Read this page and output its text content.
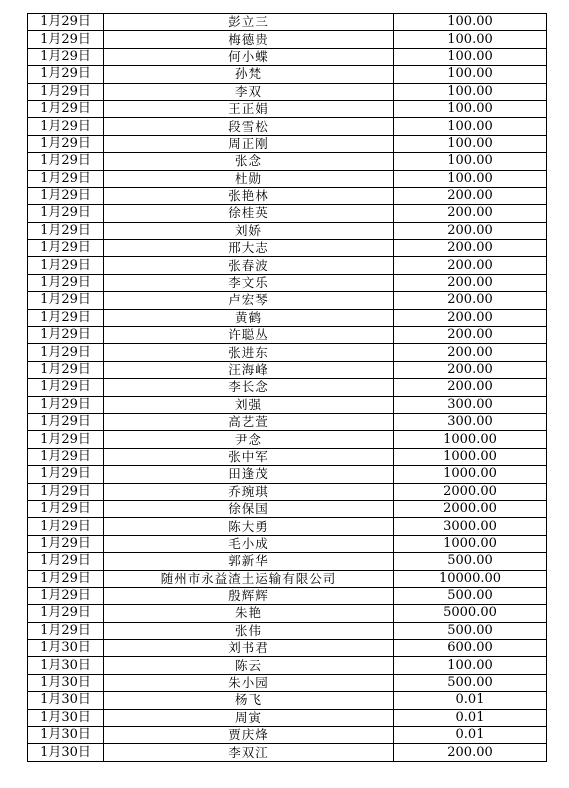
1月29日	彭立三	100.00
1月29日	梅德贵	100.00
1月29日	何小蝶	100.00
1月29日	孙梵	100.00
1月29日	李双	100.00
1月29日	王正娟	100.00
1月29日	段雪松	100.00
1月29日	周正刚	100.00
1月29日	张念	100.00
1月29日	杜勋	100.00
1月29日	张艳林	200.00
1月29日	徐桂英	200.00
1月29日	刘娇	200.00
1月29日	邢大志	200.00
1月29日	张春波	200.00
1月29日	李文乐	200.00
1月29日	卢宏琴	200.00
1月29日	黄鹤	200.00
1月29日	许聪丛	200.00
1月29日	张进东	200.00
1月29日	汪海峰	200.00
1月29日	李长念	200.00
1月29日	刘强	300.00
1月29日	高艺萱	300.00
1月29日	尹念	1000.00
1月29日	张中军	1000.00
1月29日	田逢茂	1000.00
1月29日	乔琬琪	2000.00
1月29日	徐保国	2000.00
1月29日	陈大勇	3000.00
1月29日	毛小成	1000.00
1月29日	郭新华	500.00
1月29日	随州市永益渣土运输有限公司	10000.00
1月29日	殷辉辉	500.00
1月29日	朱艳	5000.00
1月29日	张伟	500.00
1月30日	刘书君	600.00
1月30日	陈云	100.00
1月30日	朱小园	500.00
1月30日	杨飞	0.01
1月30日	周寅	0.01
1月30日	贾庆烽	0.01
1月30日	李双江	200.00
